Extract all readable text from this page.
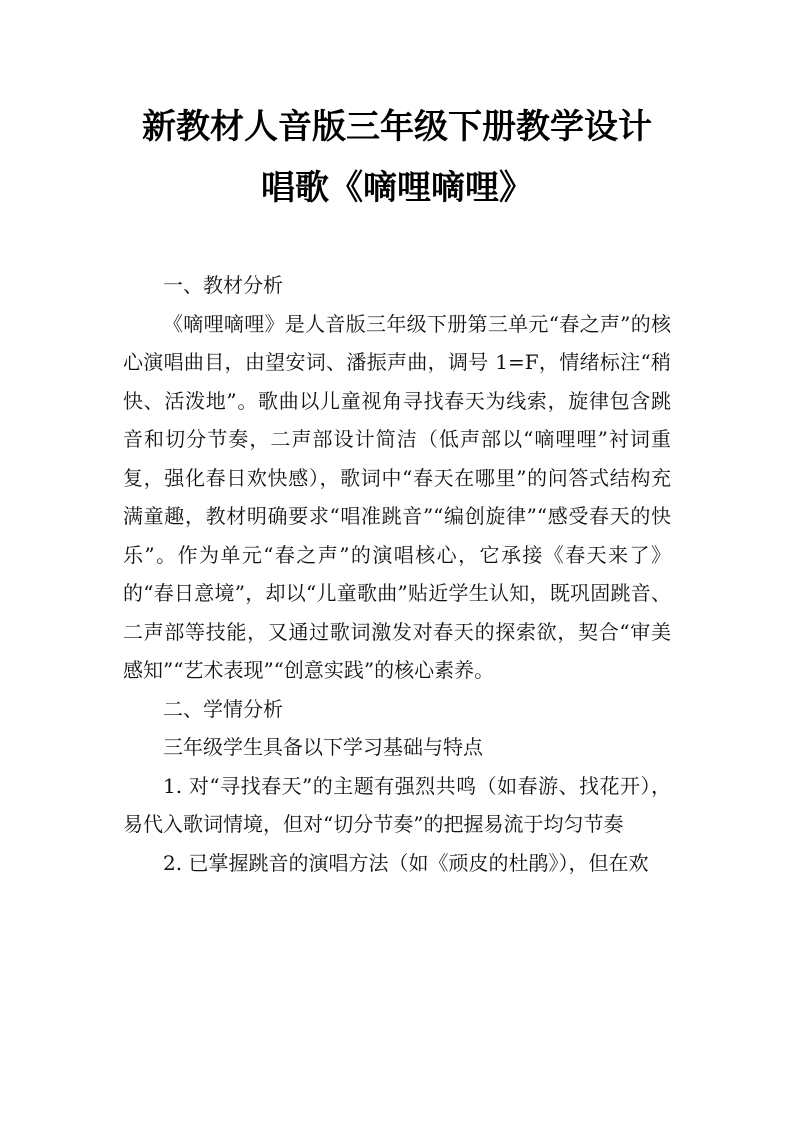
新教材人音版三年级下册教学设计
唱歌《嘀哩嘀哩》

一、教材分析

《嘀哩嘀哩》是人音版三年级下册第三单元“春之声”的核心演唱曲目，由望安词、潘振声曲，调号 1=F，情绪标注“稍快、活泼地”。歌曲以儿童视角寻找春天为线索，旋律包含跳音和切分节奏，二声部设计简洁（低声部以“嘀哩哩”衬词重复，强化春日欢快感），歌词中“春天在哪里”的问答式结构充满童趣，教材明确要求“唱准跳音”“编创旋律”“感受春天的快乐”。作为单元“春之声”的演唱核心，它承接《春天来了》的“春日意境”，却以“儿童歌曲”贴近学生认知，既巩固跳音、二声部等技能，又通过歌词激发对春天的探索欲，契合“审美感知”“艺术表现”“创意实践”的核心素养。

二、学情分析

三年级学生具备以下学习基础与特点

1. 对“寻找春天”的主题有强烈共鸣（如春游、找花开），易代入歌词情境，但对“切分节奏”的把握易流于均匀节奏

2. 已掌握跳音的演唱方法（如《顽皮的杜鹃》），但在欢
